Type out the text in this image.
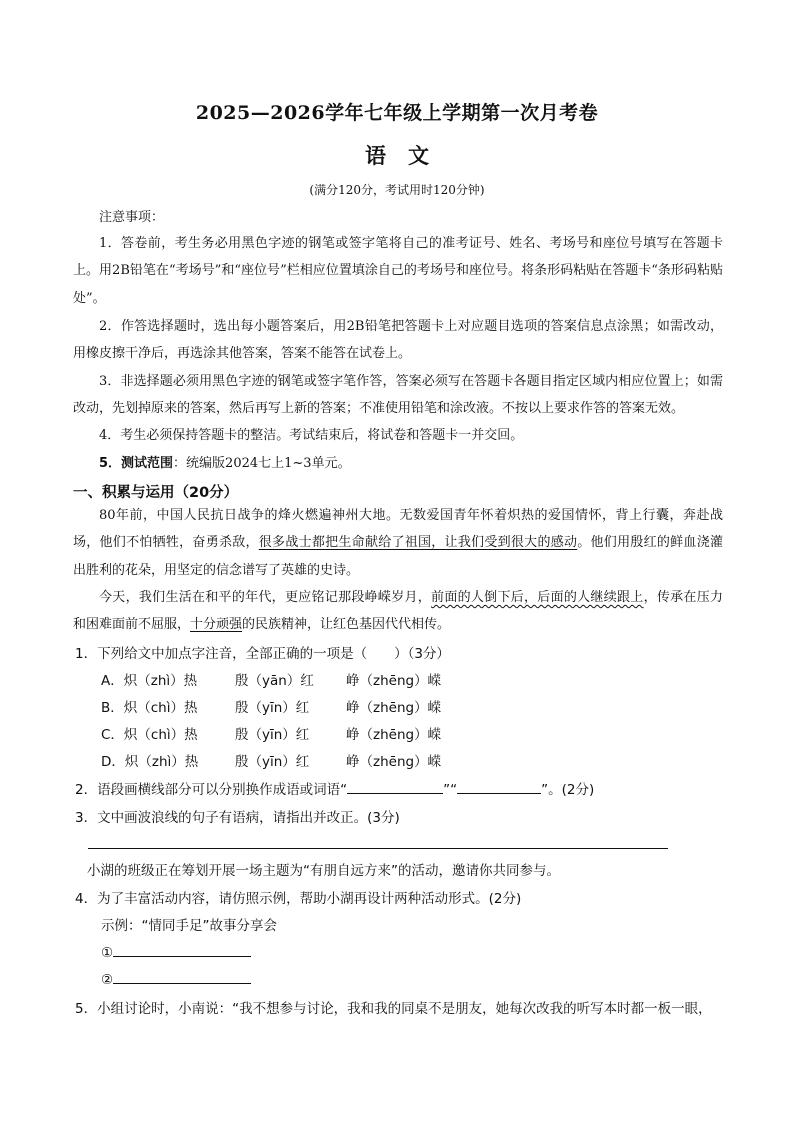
2025—2026学年七年级上学期第一次月考卷
语文
(满分120分，考试用时120分钟)
注意事项：
1．答卷前，考生务必用黑色字迹的钢笔或签字笔将自己的准考证号、姓名、考场号和座位号填写在答题卡上。用2B铅笔在“考场号”和“座位号”栏相应位置填涂自己的考场号和座位号。将条形码粘贴在答题卡“条形码粘贴处”。
2．作答选择题时，选出每小题答案后，用2B铅笔把答题卡上对应题目选项的答案信息点涂黑；如需改动，用橡皮擦干净后，再选涂其他答案，答案不能答在试卷上。
3．非选择题必须用黑色字迹的钢笔或签字笔作答，答案必须写在答题卡各题目指定区域内相应位置上；如需改动，先划掉原来的答案，然后再写上新的答案；不准使用铅笔和涂改液。不按以上要求作答的答案无效。
4．考生必须保持答题卡的整洁。考试结束后，将试卷和答题卡一并交回。
5．测试范围：统编版2024七上1~3单元。
一、积累与运用（20分）
80年前，中国人民抗日战争的烽火燃遍神州大地。无数爱国青年怀着炽热的爱国情怀，背上行囊，奔赴战场，他们不怕牺牲，奋勇杀敌，很多战士都把生命献给了祖国，让我们受到很大的感动。他们用殷红的鲜血浇灌出胜利的花朵，用坚定的信念谱写了英雄的史诗。
今天，我们生活在和平的年代，更应铭记那段峥嵘岁月，前面的人倒下后，后面的人继续跟上，传承在压力和困难面前不屈服，十分顽强的民族精神，让红色基因代代相传。
1．下列给文中加点字注音，全部正确的一项是（　　）（3分）
A．炽（zhì）热	殷（yān）红 峥（zhēng）嵘
B．炽（chì）热	殷（yīn）红	峥（zhēng）嵘
C．炽（chì）热	殷（yīn）红	峥（zhēng）嵘
D．炽（zhì）热	殷（yīn）红	峥（zhēng）嵘
2．语段画横线部分可以分别换作成语或词语“	”“	”。(2分)
3．文中画波浪线的句子有语病，请指出并改正。(3分)
小湖的班级正在筹划开展一场主题为“有朋自远方来”的活动，邀请你共同参与。
4．为了丰富活动内容，请仿照示例，帮助小湖再设计两种活动形式。(2分)
示例：“情同手足”故事分享会
①
②
5．小组讨论时，小南说：“我不想参与讨论，我和我的同桌不是朋友，她每次改我的听写本时都一板一眼，
